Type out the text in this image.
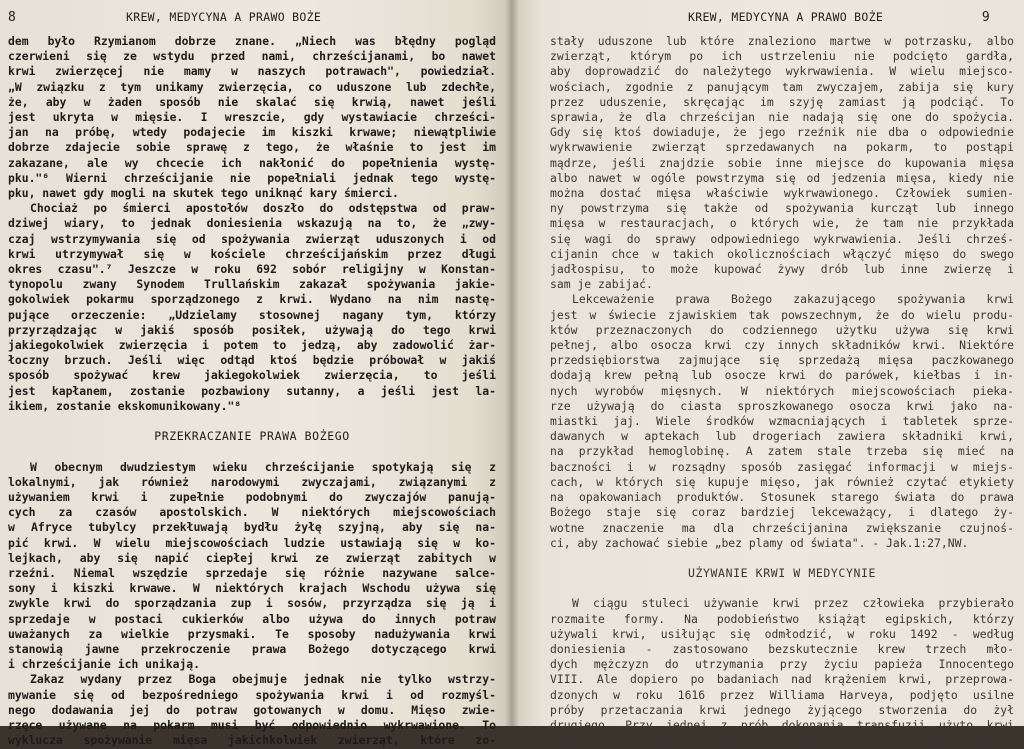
8	KREW, MEDYCYNA A PRAWO BOŻE
dem było Rzymianom dobrze znane. „Niech was błędny pogląd
czerwieni się ze wstydu przed nami, chrześcijanami, bo nawet
krwi zwierzęcej nie mamy w naszych potrawach", powiedział.
„W związku z tym unikamy zwierzęcia, co uduszone lub zdechłe,
że, aby w żaden sposób nie skalać się krwią, nawet jeśli
jest ukryta w mięsie. I wreszcie, gdy wystawiacie chrześci-
jan na próbę, wtedy podajecie im kiszki krwawe; niewątpliwie
dobrze zdajecie sobie sprawę z tego, że właśnie to jest im
zakazane, ale wy chcecie ich nakłonić do popełnienia wystę-
pku."⁶ Wierni chrześcijanie nie popełniali jednak tego wystę-
pku, nawet gdy mogli na skutek tego uniknąć kary śmierci.
Chociaż po śmierci apostołów doszło do odstępstwa od praw-
dziwej wiary, to jednak doniesienia wskazują na to, że „zwy-
czaj wstrzymywania się od spożywania zwierząt uduszonych i od
krwi utrzymywał się w kościele chrześcijańskim przez długi
okres czasu".⁷ Jeszcze w roku 692 sobór religijny w Konstan-
tynopolu zwany Synodem Trullańskim zakazał spożywania jakie-
gokolwiek pokarmu sporządzonego z krwi. Wydano na nim nastę-
pujące orzeczenie: „Udzielamy stosownej nagany tym, którzy
przyrządzając w jakiś sposób posiłek, używają do tego krwi
jakiegokolwiek zwierzęcia i potem to jedzą, aby zadowolić żar-
łoczny brzuch. Jeśli więc odtąd ktoś będzie próbował w jakiś
sposób spożywać krew jakiegokolwiek zwierzęcia, to jeśli
jest kapłanem, zostanie pozbawiony sutanny, a jeśli jest la-
ikiem, zostanie ekskomunikowany."⁸
PRZEKRACZANIE PRAWA BOŻEGO
W obecnym dwudziestym wieku chrześcijanie spotykają się z
lokalnymi, jak również narodowymi zwyczajami, związanymi z
używaniem krwi i zupełnie podobnymi do zwyczajów panują-
cych za czasów apostolskich. W niektórych miejscowościach
w Afryce tubylcy przekłuwają bydłu żyłę szyjną, aby się na-
pić krwi. W wielu miejscowościach ludzie ustawiają się w ko-
lejkach, aby się napić ciepłej krwi ze zwierząt zabitych w
rzeźni. Niemal wszędzie sprzedaje się różnie nazywane salce-
sony i kiszki krwawe. W niektórych krajach Wschodu używa się
zwykle krwi do sporządzania zup i sosów, przyrządza się ją i
sprzedaje w postaci cukierków albo używa do innych potraw
uważanych za wielkie przysmaki. Te sposoby nadużywania krwi
stanowią jawne przekroczenie prawa Bożego dotyczącego krwi
i chrześcijanie ich unikają.
Zakaz wydany przez Boga obejmuje jednak nie tylko wstrzy-
mywanie się od bezpośredniego spożywania krwi i od rozmyśl-
nego dodawania jej do potraw gotowanych w domu. Mięso zwie-
rzęce używane na pokarm musi być odpowiednio wykrwawione. To
wyklucza spożywanie mięsa jakichkolwiek zwierząt, które zo-
KREW, MEDYCYNA A PRAWO BOŻE	9
stały uduszone lub które znaleziono martwe w potrzasku, albo
zwierząt, którym po ich ustrzeleniu nie podcięto gardła,
aby doprowadzić do należytego wykrwawienia. W wielu miejsco-
wościach, zgodnie z panującym tam zwyczajem, zabija się kury
przez uduszenie, skręcając im szyję zamiast ją podciąć. To
sprawia, że dla chrześcijan nie nadają się one do spożycia.
Gdy się ktoś dowiaduje, że jego rzeźnik nie dba o odpowiednie
wykrwawienie zwierząt sprzedawanych na pokarm, to postąpi
mądrze, jeśli znajdzie sobie inne miejsce do kupowania mięsa
albo nawet w ogóle powstrzyma się od jedzenia mięsa, kiedy nie
można dostać mięsa właściwie wykrwawionego. Człowiek sumien-
ny powstrzyma się także od spożywania kurcząt lub innego
mięsa w restauracjach, o których wie, że tam nie przykłada
się wagi do sprawy odpowiedniego wykrwawienia. Jeśli chrześ-
cijanin chce w takich okolicznościach włączyć mięso do swego
jadłospisu, to może kupować żywy drób lub inne zwierzę i
sam je zabijać.
Lekceważenie prawa Bożego zakazującego spożywania krwi
jest w świecie zjawiskiem tak powszechnym, że do wielu produ-
któw przeznaczonych do codziennego użytku używa się krwi
pełnej, albo osocza krwi czy innych składników krwi. Niektóre
przedsiębiorstwa zajmujące się sprzedażą mięsa paczkowanego
dodają krew pełną lub osocze krwi do parówek, kiełbas i in-
nych wyrobów mięsnych. W niektórych miejscowościach pieka-
rze używają do ciasta sproszkowanego osocza krwi jako na-
miastki jaj. Wiele środków wzmacniających i tabletek sprze-
dawanych w aptekach lub drogeriach zawiera składniki krwi,
na przykład hemoglobinę. A zatem stale trzeba się mieć na
baczności i w rozsądny sposób zasięgać informacji w miejs-
cach, w których się kupuje mięso, jak również czytać etykiety
na opakowaniach produktów. Stosunek starego świata do prawa
Bożego staje się coraz bardziej lekceważący, i dlatego ży-
wotne znaczenie ma dla chrześcijanina zwiększanie czujnoś-
ci, aby zachować siebie „bez plamy od świata". - Jak.1:27,NW.
UŻYWANIE KRWI W MEDYCYNIE
W ciągu stuleci używanie krwi przez człowieka przybierało
rozmaite formy. Na podobieństwo książąt egipskich, którzy
używali krwi, usiłując się odmłodzić, w roku 1492 - według
doniesienia - zastosowano bezskutecznie krew trzech mło-
dych mężczyzn do utrzymania przy życiu papieża Innocentego
VIII. Ale dopiero po badaniach nad krążeniem krwi, przeprowa-
dzonych w roku 1616 przez Williama Harveya, podjęto usilne
próby przetaczania krwi jednego żyjącego stworzenia do żył
drugiego. Przy jednej z prób dokonania transfuzji użyto krwi
jagnięcia z pozornie dobrymi wynikami, kiedy jednak później
